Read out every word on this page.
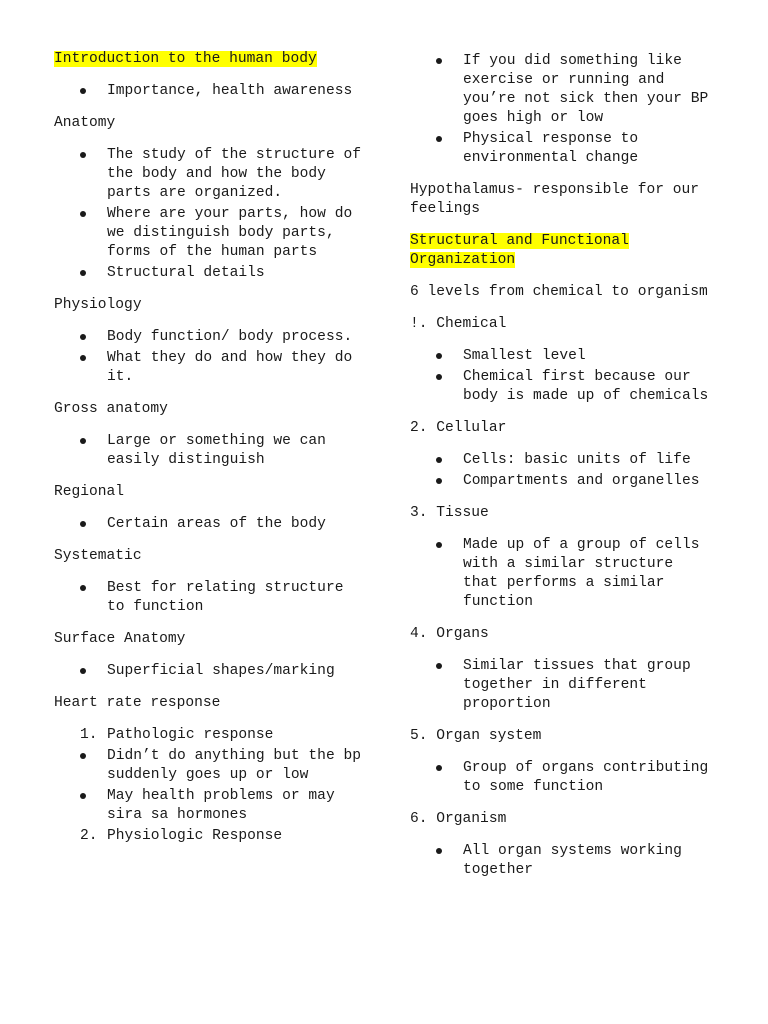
Introduction to the human body

Importance, health awareness

Anatomy

The study of the structure of the body and how the body parts are organized.
Where are your parts, how do we distinguish body parts, forms of the human parts
Structural details

Physiology

Body function/ body process.
What they do and how they do it.

Gross anatomy

Large or something we can easily distinguish

Regional

Certain areas of the body

Systematic

Best for relating structure to function

Surface Anatomy

Superficial shapes/marking

Heart rate response

1. Pathologic response
Didn’t do anything but the bp suddenly goes up or low
May health problems or may sira sa hormones
2. Physiologic Response
If you did something like exercise or running and you’re not sick then your BP goes high or low
Physical response to environmental change

Hypothalamus- responsible for our feelings

Structural and Functional Organization

6 levels from chemical to organism

!. Chemical

Smallest level
Chemical first because our body is made up of chemicals

2. Cellular

Cells: basic units of life
Compartments and organelles

3. Tissue

Made up of a group of cells with a similar structure that performs a similar function

4. Organs

Similar tissues that group together in different proportion

5. Organ system

Group of organs contributing to some function

6. Organism

All organ systems working together
